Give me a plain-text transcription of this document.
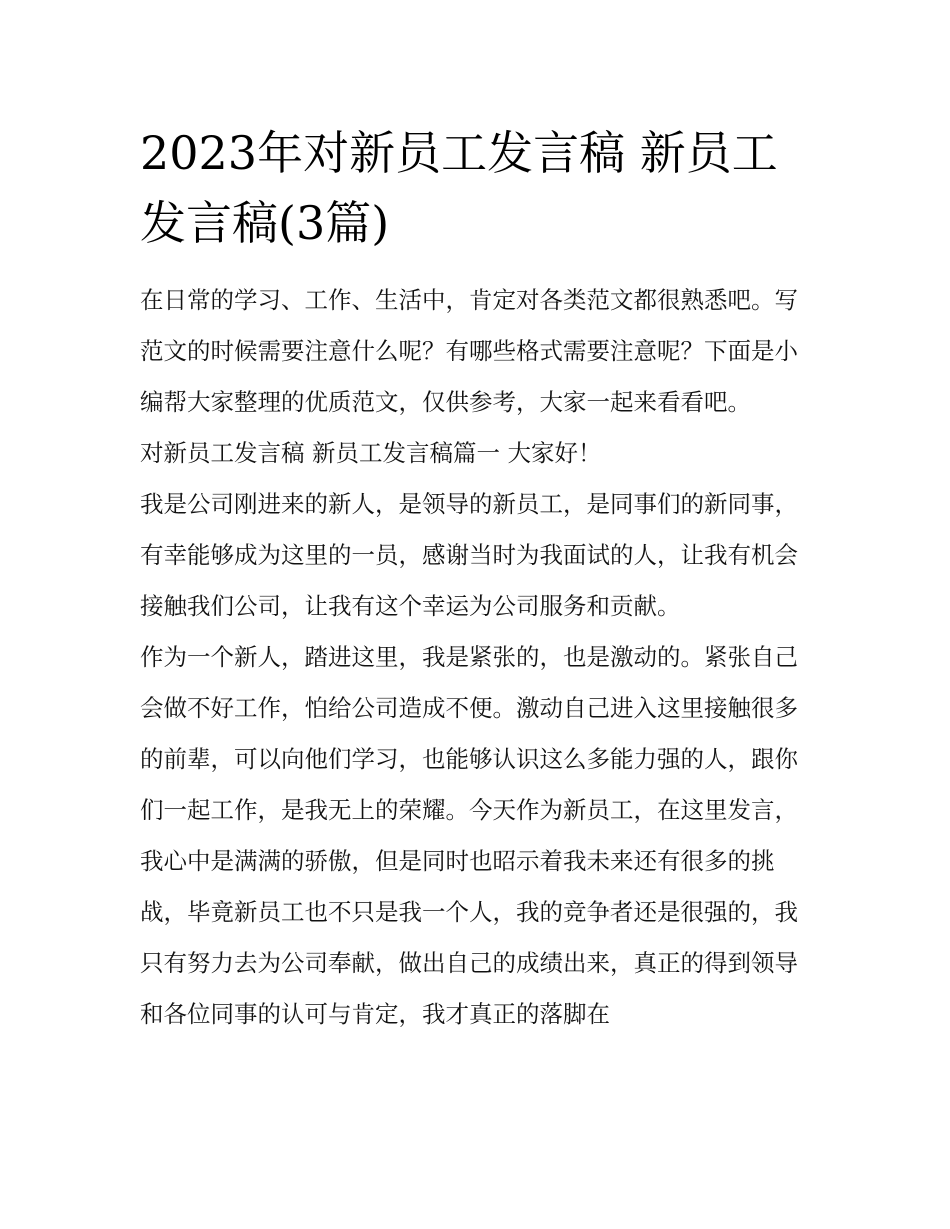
2023年对新员工发言稿 新员工发言稿(3篇)

在日常的学习、工作、生活中，肯定对各类范文都很熟悉吧。写范文的时候需要注意什么呢？有哪些格式需要注意呢？下面是小编帮大家整理的优质范文，仅供参考，大家一起来看看吧。

对新员工发言稿 新员工发言稿篇一 大家好！

我是公司刚进来的新人，是领导的新员工，是同事们的新同事，有幸能够成为这里的一员，感谢当时为我面试的人，让我有机会接触我们公司，让我有这个幸运为公司服务和贡献。

作为一个新人，踏进这里，我是紧张的，也是激动的。紧张自己会做不好工作，怕给公司造成不便。激动自己进入这里接触很多的前辈，可以向他们学习，也能够认识这么多能力强的人，跟你们一起工作，是我无上的荣耀。今天作为新员工，在这里发言，我心中是满满的骄傲，但是同时也昭示着我未来还有很多的挑战，毕竟新员工也不只是我一个人，我的竞争者还是很强的，我只有努力去为公司奉献，做出自己的成绩出来，真正的得到领导和各位同事的认可与肯定，我才真正的落脚在
